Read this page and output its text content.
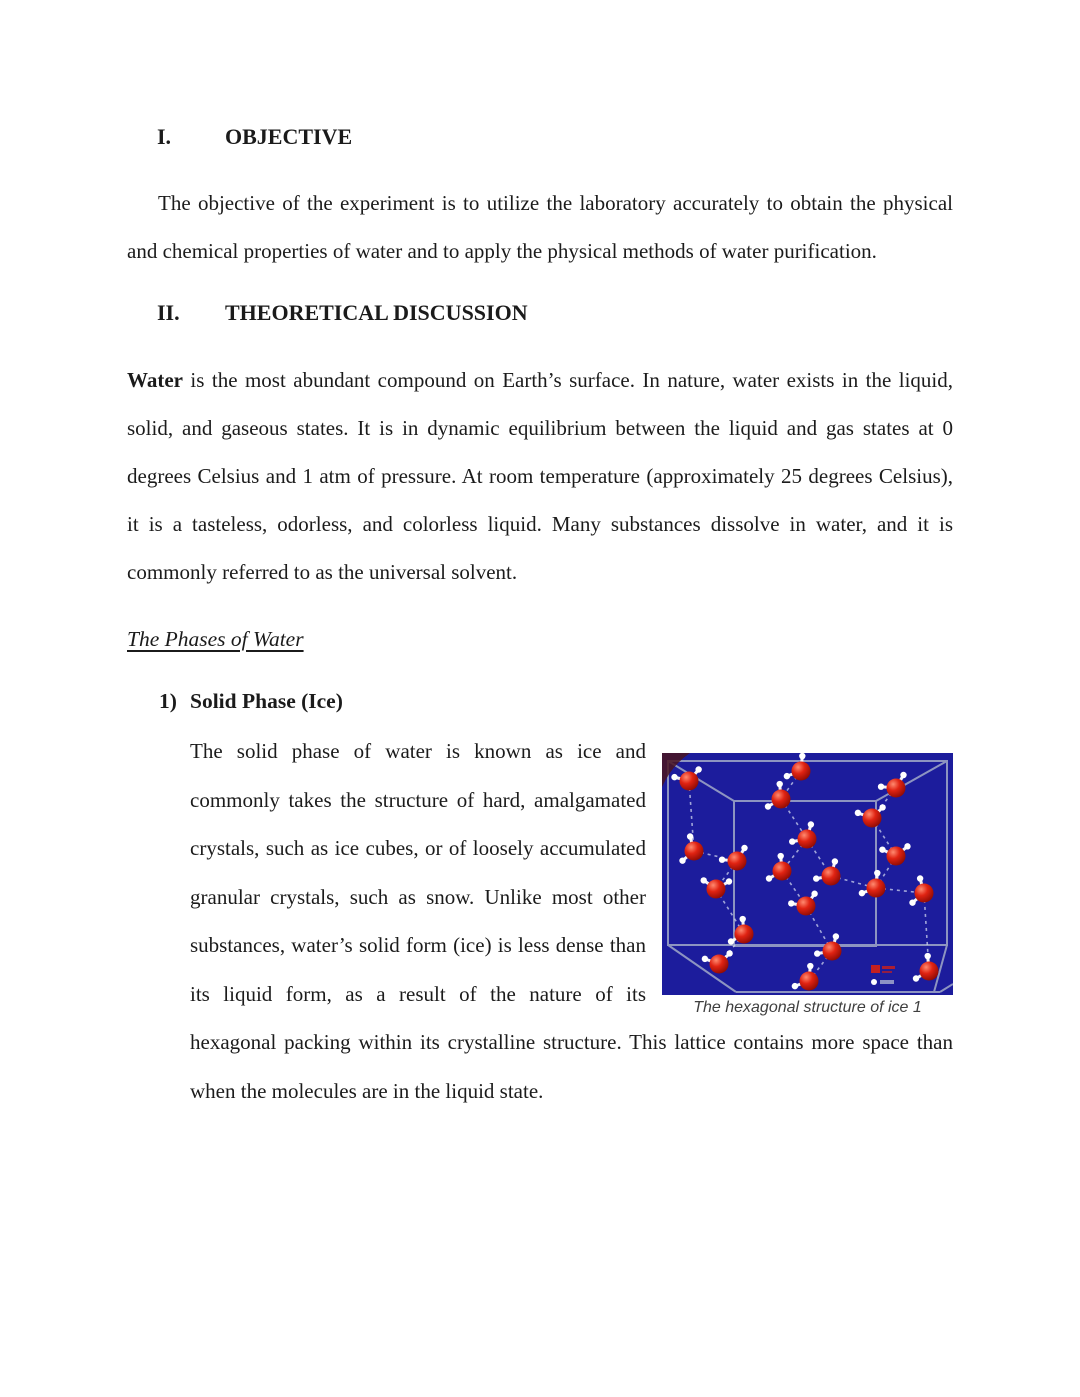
I. OBJECTIVE

The objective of the experiment is to utilize the laboratory accurately to obtain the physical and chemical properties of water and to apply the physical methods of water purification.

II. THEORETICAL DISCUSSION

Water is the most abundant compound on Earth’s surface. In nature, water exists in the liquid, solid, and gaseous states. It is in dynamic equilibrium between the liquid and gas states at 0 degrees Celsius and 1 atm of pressure. At room temperature (approximately 25 degrees Celsius), it is a tasteless, odorless, and colorless liquid. Many substances dissolve in water, and it is commonly referred to as the universal solvent.

The Phases of Water
1) Solid Phase (Ice)
The hexagonal structure of ice 1

The solid phase of water is known as ice and commonly takes the structure of hard, amalgamated crystals, such as ice cubes, or of loosely accumulated granular crystals, such as snow. Unlike most other substances, water’s solid form (ice) is less dense than its liquid form, as a result of the nature of its hexagonal packing within its crystalline structure. This lattice contains more space than when the molecules are in the liquid state.
